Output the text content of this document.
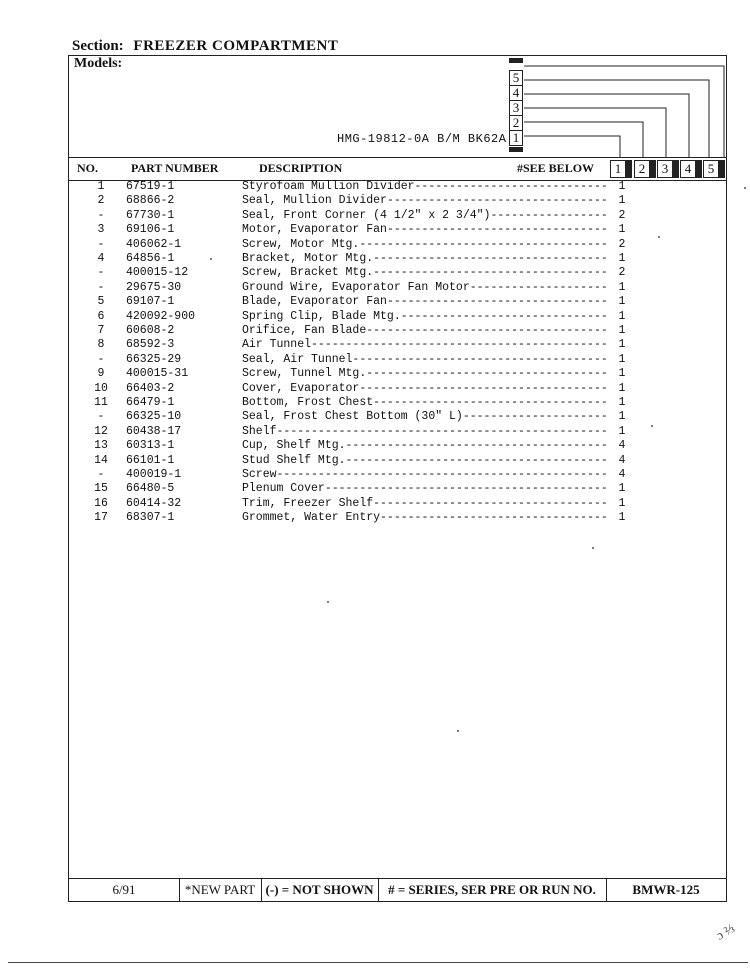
Section: FREEZER COMPARTMENT
Models:
5
4
3
2
1
HMG-19812-0A B/M BK62A
NO.	PART NUMBER	DESCRIPTION	#SEE BELOW	1	2	3	4	5
1	67519-1	Styrofoam Mullion Divider---------------------------- 1
2	68866-2	Seal, Mullion Divider-------------------------------- 1
-	67730-1	Seal, Front Corner (4 1/2" x 2 3/4")----------------- 2
3	69106-1	Motor, Evaporator Fan-------------------------------- 1
-	406062-1	Screw, Motor Mtg.------------------------------------ 2
4	64856-1	Bracket, Motor Mtg.---------------------------------- 1
-	400015-12	Screw, Bracket Mtg.---------------------------------- 2
-	29675-30	Ground Wire, Evaporator Fan Motor-------------------- 1
5	69107-1	Blade, Evaporator Fan-------------------------------- 1
6	420092-900	Spring Clip, Blade Mtg.------------------------------ 1
7	60608-2	Orifice, Fan Blade----------------------------------- 1
8	68592-3	Air Tunnel------------------------------------------- 1
-	66325-29	Seal, Air Tunnel------------------------------------- 1
9	400015-31	Screw, Tunnel Mtg.----------------------------------- 1
10	66403-2	Cover, Evaporator------------------------------------ 1
11	66479-1	Bottom, Frost Chest---------------------------------- 1
-	66325-10	Seal, Frost Chest Bottom (30" L)--------------------- 1
12	60438-17	Shelf------------------------------------------------ 1
13	60313-1	Cup, Shelf Mtg.-------------------------------------- 4
14	66101-1	Stud Shelf Mtg.-------------------------------------- 4
-	400019-1	Screw------------------------------------------------ 4
15	66480-5	Plenum Cover----------------------------------------- 1
16	60414-32	Trim, Freezer Shelf---------------------------------- 1
17	68307-1	Grommet, Water Entry--------------------------------- 1
6/91	*NEW PART (-) = NOT SHOWN	# = SERIES, SER PRE OR RUN NO.	BMWR-125
ɔ ⅔
